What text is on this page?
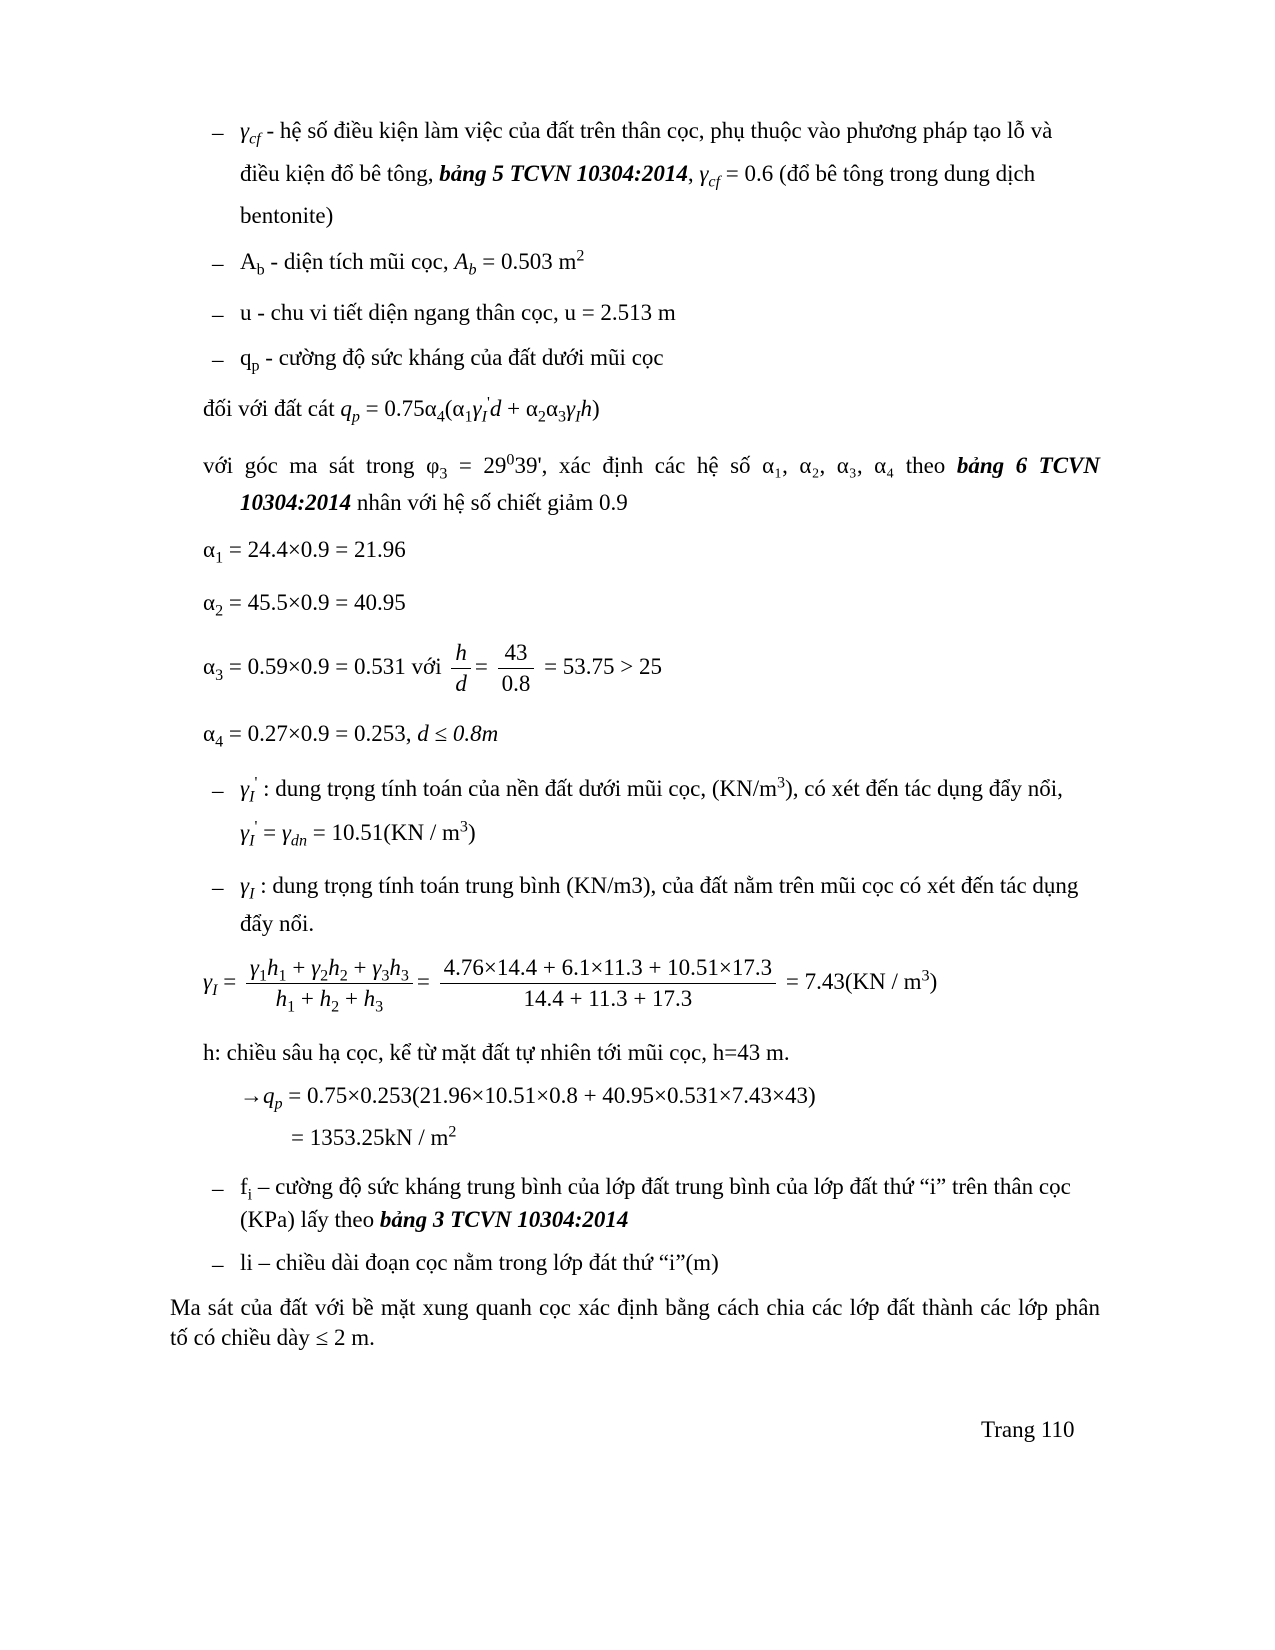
– $\gamma_{cf}$ - hệ số điều kiện làm việc của đất trên thân cọc, phụ thuộc vào phương pháp tạo lỗ và
điều kiện đổ bê tông, bảng 5 TCVN 10304:2014, $\gamma_{cf} = 0.6$ (đổ bê tông trong dung dịch
bentonite)
– $A_b$ - diện tích mũi cọc, $A_b = 0.503$ $m^2$
– u - chu vi tiết diện ngang thân cọc, u = 2.513 m
– $q_p$ - cường độ sức kháng của đất dưới mũi cọc
đối với đất cát $q_p = 0.75\alpha_4(\alpha_1\gamma_I'd + \alpha_2\alpha_3\gamma_Ih)$
với góc ma sát trong $\varphi_3 = 29^039'$, xác định các hệ số α₁, α₂, α₃, α₄ theo bảng 6 TCVN
10304:2014 nhân với hệ số chiết giảm 0.9
$\alpha_1 = 24.4\times 0.9 = 21.96$
$\alpha_2 = 45.5\times 0.9 = 40.95$
$\alpha_3 = 0.59\times 0.9 = 0.531$ với $\frac{h}{d} = \frac{43}{0.8} = 53.75 > 25$
$\alpha_4 = 0.27\times 0.9 = 0.253$, d ≤ 0.8m
– $\gamma_I'$ : dung trọng tính toán của nền đất dưới mũi cọc, $(KN/m^3)$, có xét đến tác dụng đẩy nổi,
$\gamma_I' = \gamma_{dn} = 10.51(KN / m^3)$
– $\gamma_I$ : dung trọng tính toán trung bình (KN/m3), của đất nằm trên mũi cọc có xét đến tác dụng
đẩy nổi.
$\gamma_I = \frac{\gamma_1h_1 + \gamma_2h_2 + \gamma_3h_3}{h_1 + h_2 + h_3} = \frac{4.76\times 14.4 + 6.1\times 11.3 + 10.51\times 17.3}{14.4 + 11.3 + 17.3} = 7.43(KN / m^3)$
h: chiều sâu hạ cọc, kể từ mặt đất tự nhiên tới mũi cọc, h=43 m.
$\to q_p = 0.75\times 0.253(21.96\times 10.51\times 0.8 + 40.95\times 0.531\times 7.43\times 43)$
= $1353.25kN / m^2$
– $f_i$ – cường độ sức kháng trung bình của lớp đất trung bình của lớp đất thứ “i” trên thân cọc
(KPa) lấy theo bảng 3 TCVN 10304:2014
– li – chiều dài đoạn cọc nằm trong lớp đát thứ “i”(m)
Ma sát của đất với bề mặt xung quanh cọc xác định bằng cách chia các lớp đất thành các lớp phân
tố có chiều dày ≤ 2 m.
Trang 110
